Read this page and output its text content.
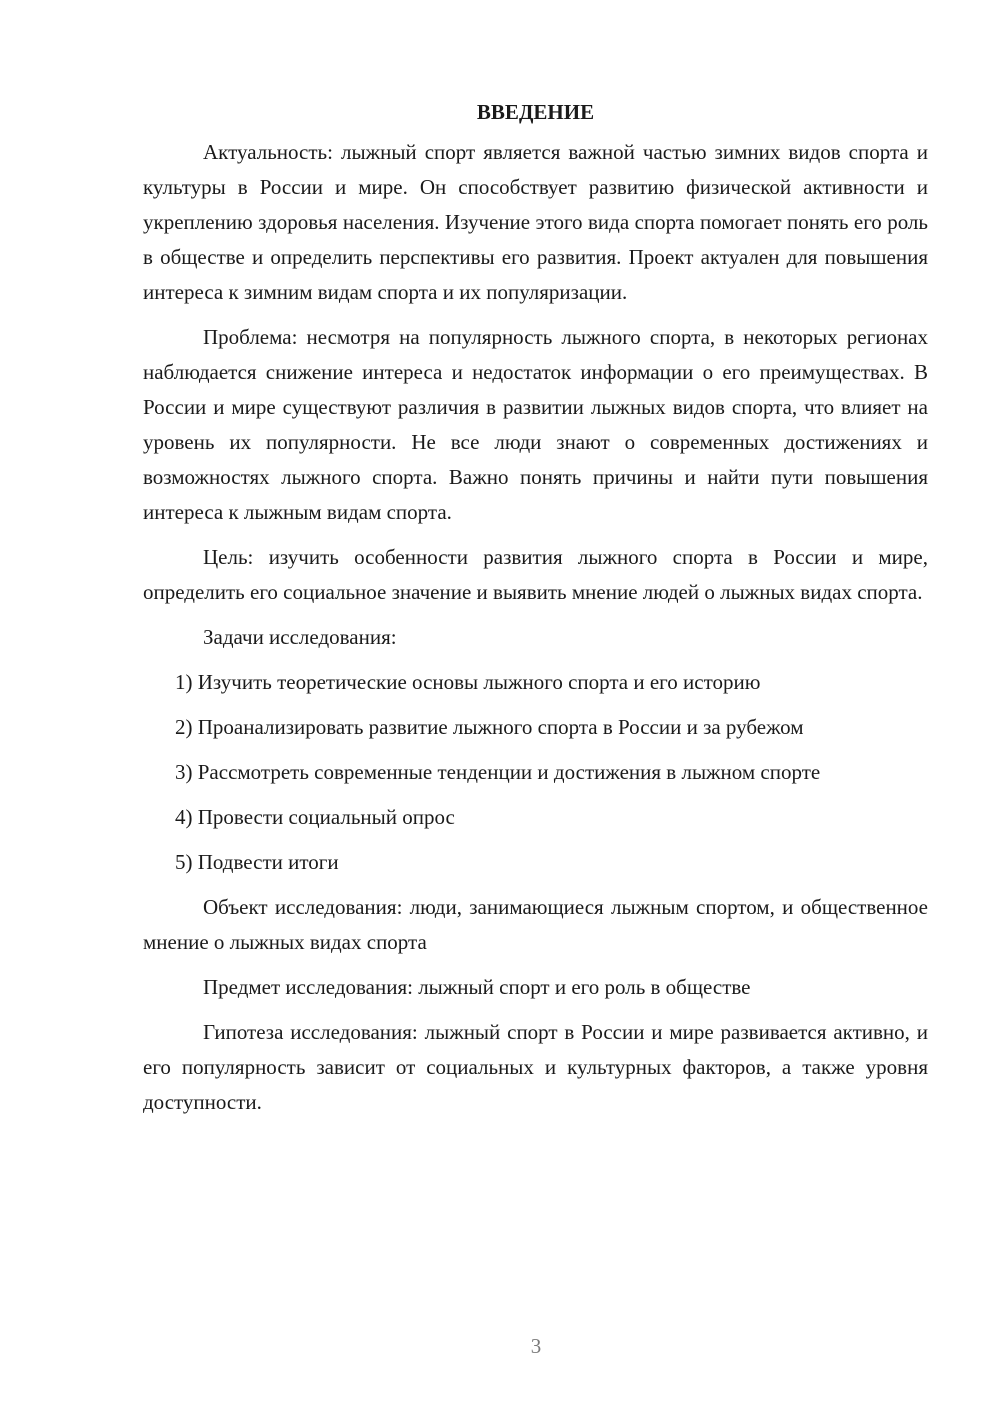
ВВЕДЕНИЕ

Актуальность: лыжный спорт является важной частью зимних видов спорта и культуры в России и мире. Он способствует развитию физической активности и укреплению здоровья населения. Изучение этого вида спорта помогает понять его роль в обществе и определить перспективы его развития. Проект актуален для повышения интереса к зимним видам спорта и их популяризации.

Проблема: несмотря на популярность лыжного спорта, в некоторых регионах наблюдается снижение интереса и недостаток информации о его преимуществах. В России и мире существуют различия в развитии лыжных видов спорта, что влияет на уровень их популярности. Не все люди знают о современных достижениях и возможностях лыжного спорта. Важно понять причины и найти пути повышения интереса к лыжным видам спорта.

Цель: изучить особенности развития лыжного спорта в России и мире, определить его социальное значение и выявить мнение людей о лыжных видах спорта.

Задачи исследования:

1) Изучить теоретические основы лыжного спорта и его историю

2) Проанализировать развитие лыжного спорта в России и за рубежом

3) Рассмотреть современные тенденции и достижения в лыжном спорте

4) Провести социальный опрос

5) Подвести итоги

Объект исследования: люди, занимающиеся лыжным спортом, и общественное мнение о лыжных видах спорта

Предмет исследования: лыжный спорт и его роль в обществе

Гипотеза исследования: лыжный спорт в России и мире развивается активно, и его популярность зависит от социальных и культурных факторов, а также уровня доступности.

3
